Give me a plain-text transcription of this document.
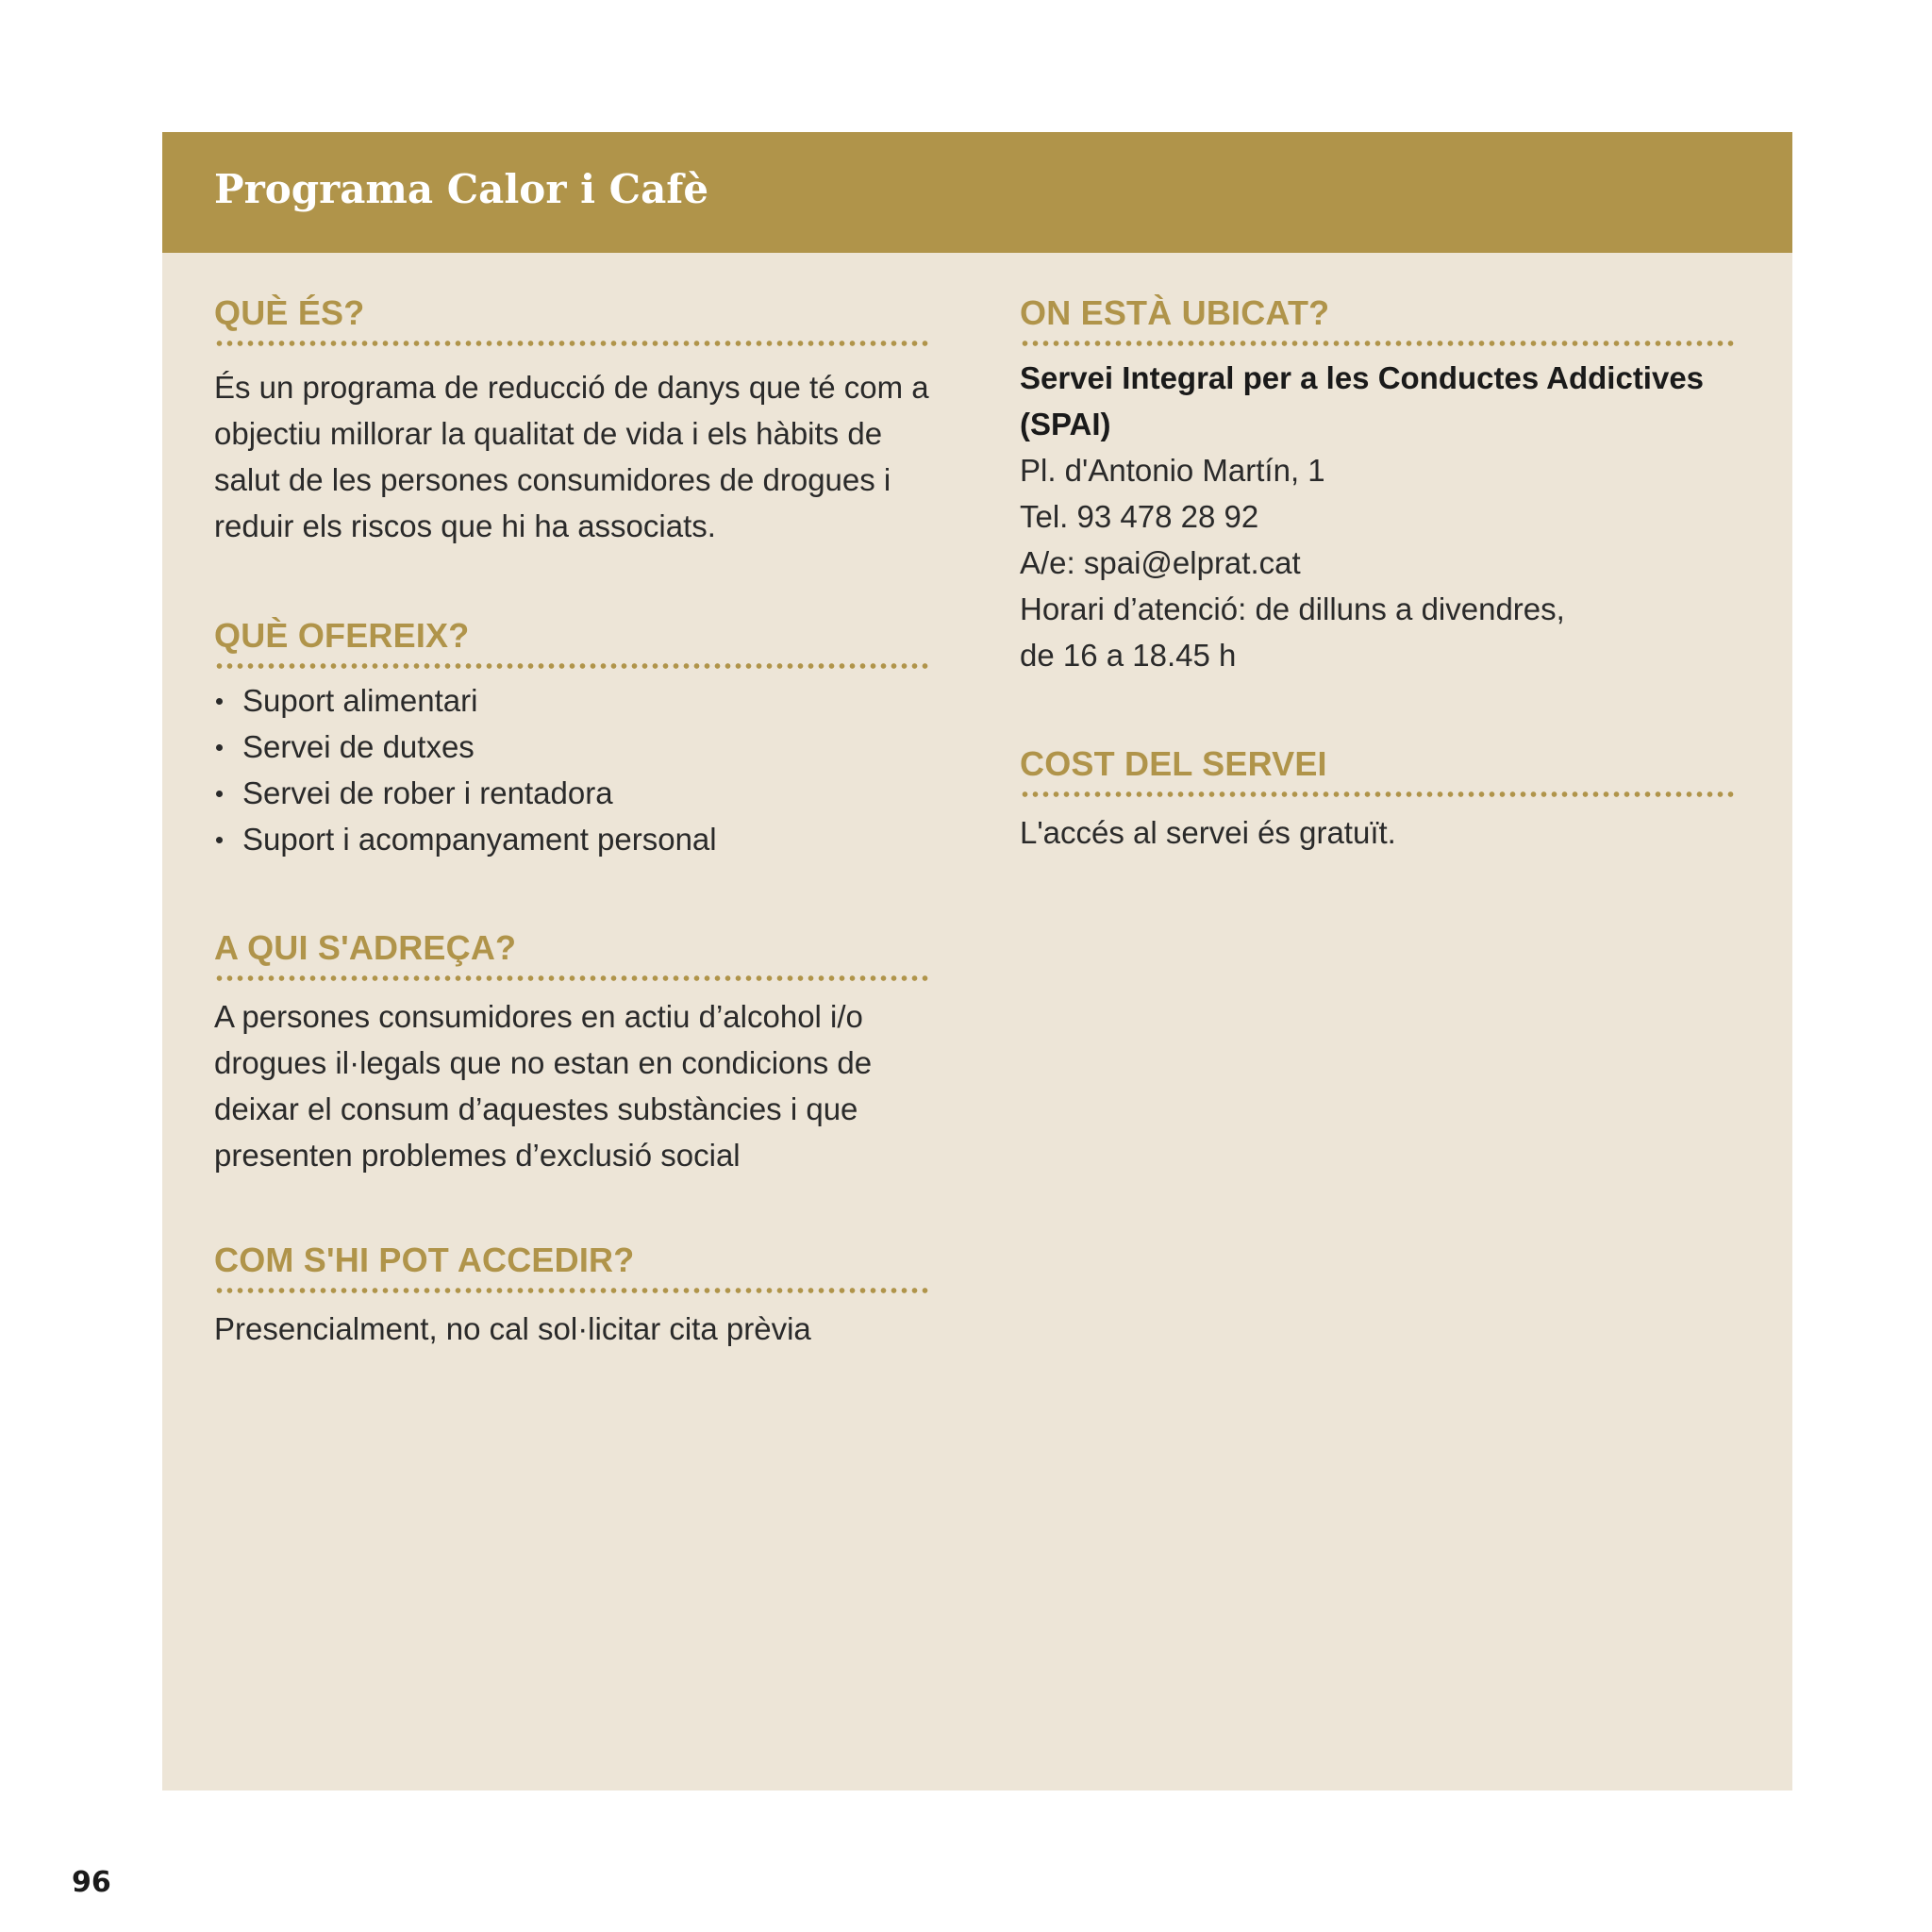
Programa Calor i Cafè
QUÈ ÉS?

És un programa de reducció de danys que té com a objectiu millorar la qualitat de vida i els hàbits de salut de les persones consumidores de drogues i reduir els riscos que hi ha associats.

QUÈ OFEREIX?
Suport alimentari
Servei de dutxes
Servei de rober i rentadora
Suport i acompanyament personal
A QUI S'ADREÇA?

A persones consumidores en actiu d’alcohol i/o drogues il·legals que no estan en condicions de deixar el consum d’aquestes substàncies i que presenten problemes d’exclusió social

COM S'HI POT ACCEDIR?

Presencialment, no cal sol·licitar cita prèvia

ON ESTÀ UBICAT?

Servei Integral per a les Conductes Addictives (SPAI)

Pl. d'Antonio Martín, 1
Tel. 93 478 28 92
A/e: spai@elprat.cat
Horari d’atenció: de dilluns a divendres,
de 16 a 18.45 h
COST DEL SERVEI

L'accés al servei és gratuït.

96
